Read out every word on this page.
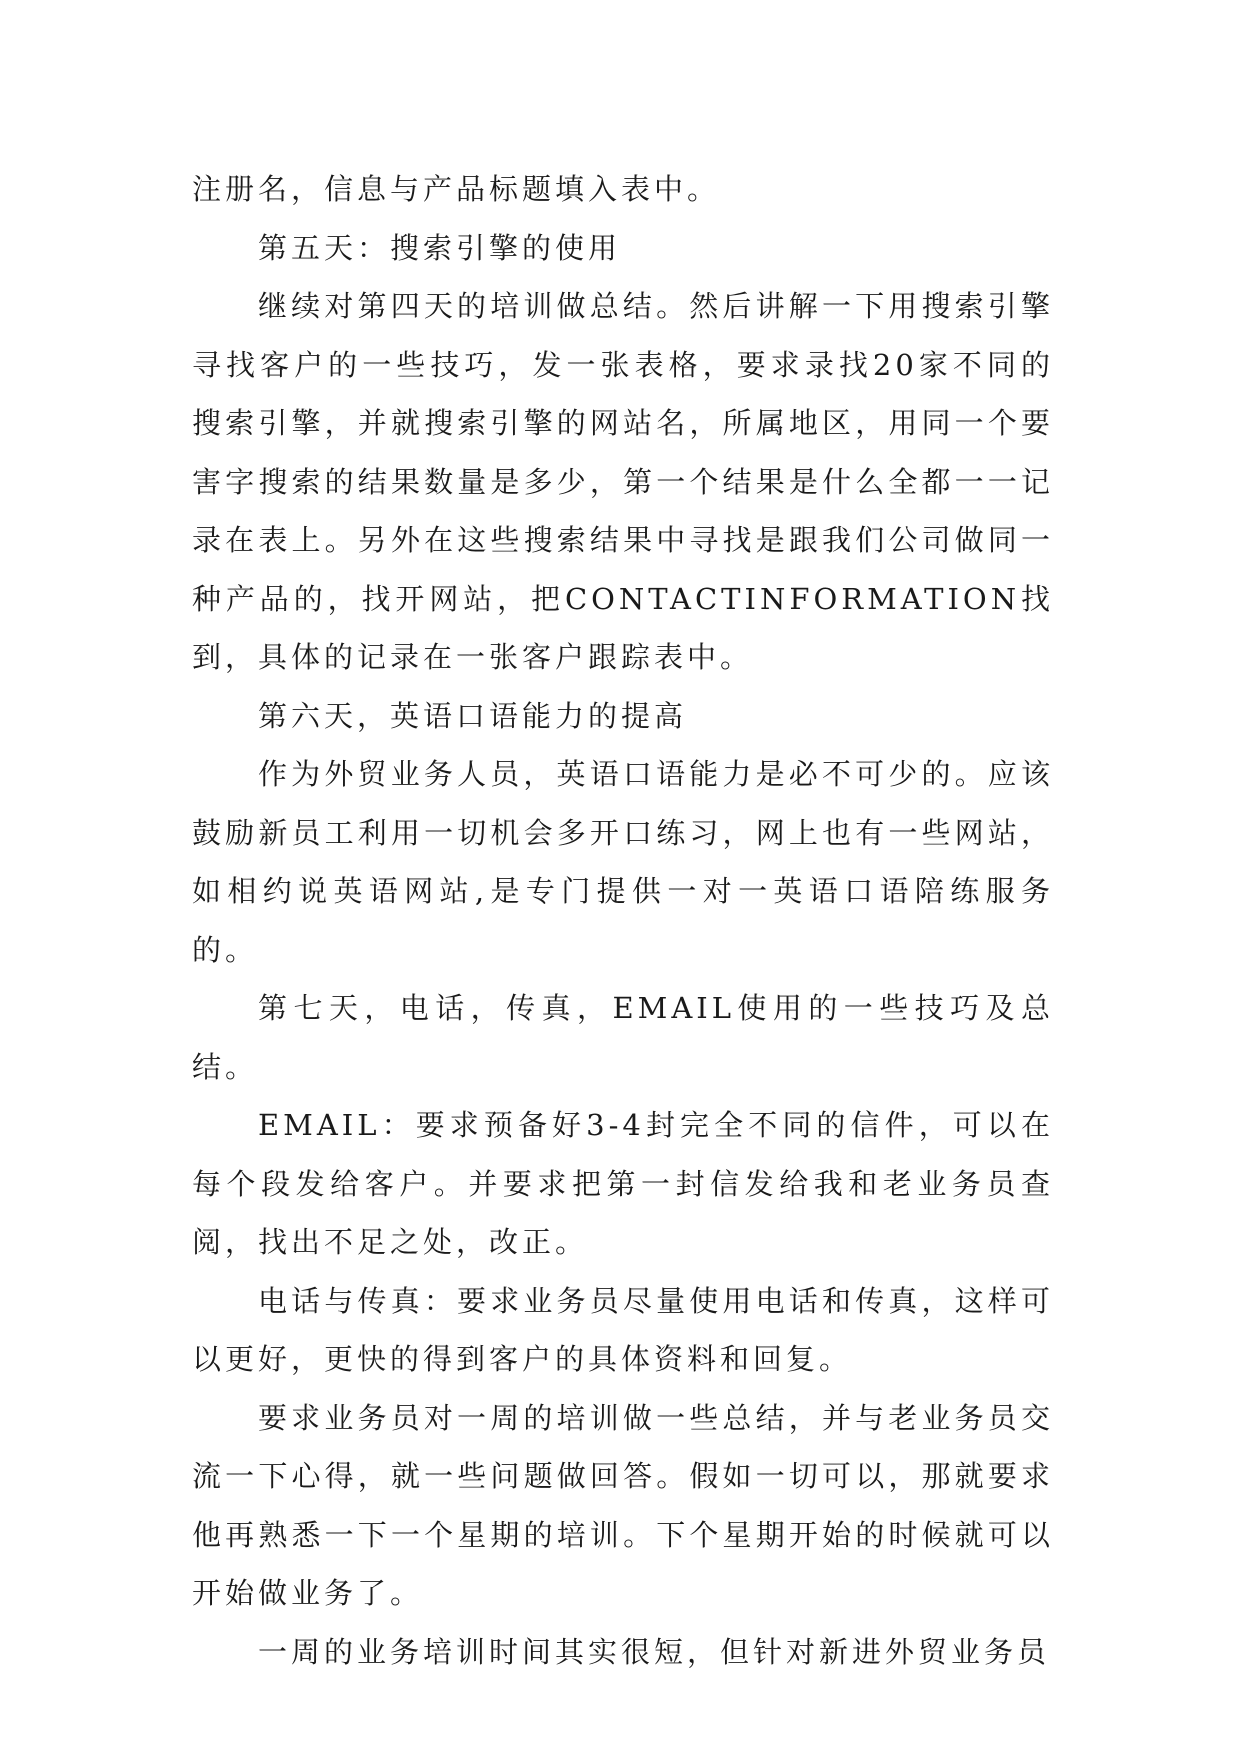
注册名，信息与产品标题填入表中。

第五天：搜索引擎的使用

继续对第四天的培训做总结。然后讲解一下用搜索引擎寻找客户的一些技巧，发一张表格，要求录找20家不同的搜索引擎，并就搜索引擎的网站名，所属地区，用同一个要害字搜索的结果数量是多少，第一个结果是什么全都一一记录在表上。另外在这些搜索结果中寻找是跟我们公司做同一种产品的，找开网站，把CONTACTINFORMATION找到，具体的记录在一张客户跟踪表中。

第六天，英语口语能力的提高

作为外贸业务人员，英语口语能力是必不可少的。应该鼓励新员工利用一切机会多开口练习，网上也有一些网站，如相约说英语网站,是专门提供一对一英语口语陪练服务的。

第七天，电话，传真，EMAIL使用的一些技巧及总结。

EMAIL：要求预备好3-4封完全不同的信件，可以在每个段发给客户。并要求把第一封信发给我和老业务员查阅，找出不足之处，改正。

电话与传真：要求业务员尽量使用电话和传真，这样可以更好，更快的得到客户的具体资料和回复。

要求业务员对一周的培训做一些总结，并与老业务员交流一下心得，就一些问题做回答。假如一切可以，那就要求他再熟悉一下一个星期的培训。下个星期开始的时候就可以开始做业务了。

一周的业务培训时间其实很短，但针对新进外贸业务员
